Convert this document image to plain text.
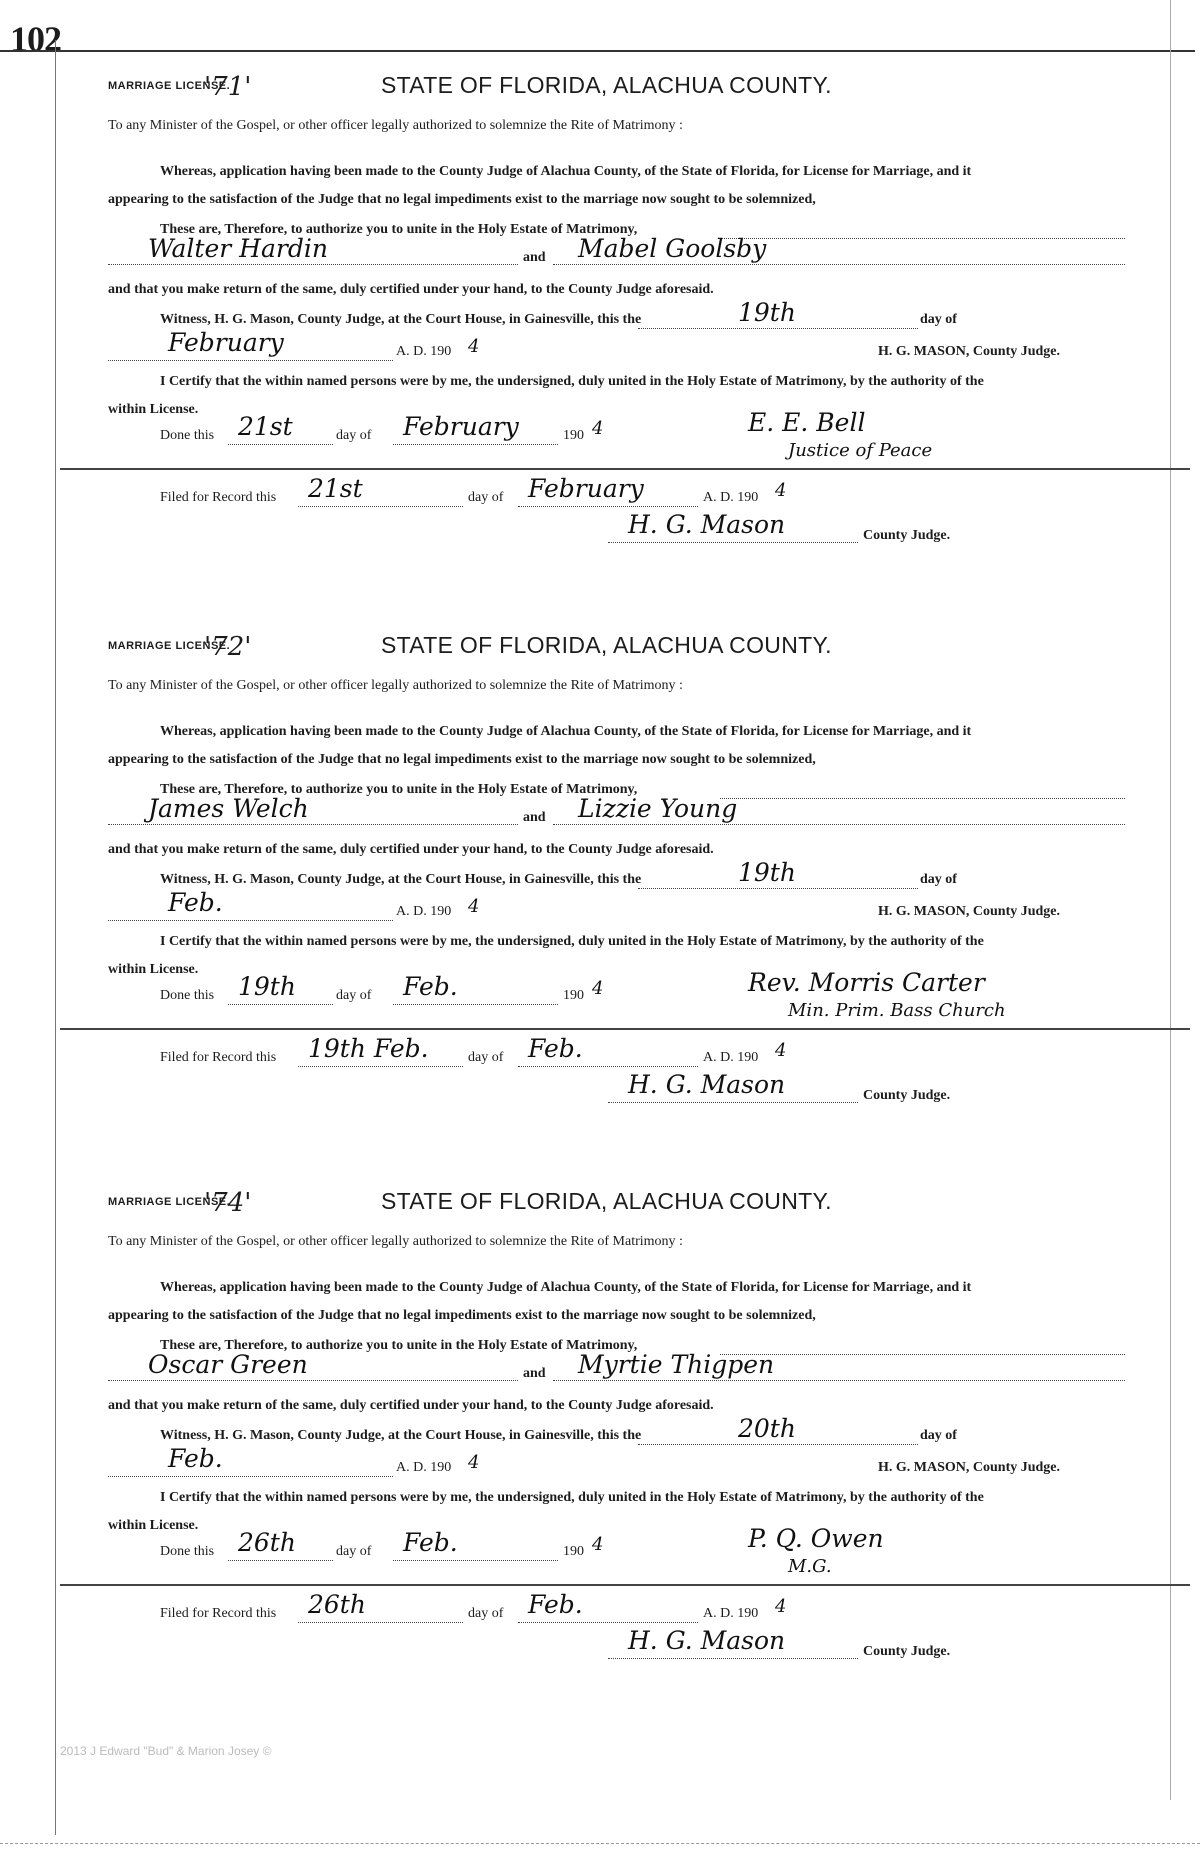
102
MARRIAGE LICENSE.
'71'	STATE OF FLORIDA, ALACHUA COUNTY.
To any Minister of the Gospel, or other officer legally authorized to solemnize the Rite of Matrimony :
Whereas, application having been made to the County Judge of Alachua County, of the State of Florida, for License for Marriage, and it
appearing to the satisfaction of the Judge that no legal impediments exist to the marriage now sought to be solemnized,
These are, Therefore, to authorize you to unite in the Holy Estate of Matrimony,
Walter Hardin	and Mabel Goolsby
and that you make return of the same, duly certified under your hand, to the County Judge aforesaid.
Witness, H. G. Mason, County Judge, at the Court House, in Gainesville, this the	19th	day of
February	A. D. 190 4	H. G. MASON, County Judge.
I Certify that the within named persons were by me, the undersigned, duly united in the Holy Estate of Matrimony, by the authority of the
within License.
Done this 21st	day of February	190 4	E. E. Bell
Justice of Peace
Filed for Record this 21st	day of February	A. D. 190 4
H. G. Mason	County Judge.
MARRIAGE LICENSE.
'72'	STATE OF FLORIDA, ALACHUA COUNTY.
To any Minister of the Gospel, or other officer legally authorized to solemnize the Rite of Matrimony :
Whereas, application having been made to the County Judge of Alachua County, of the State of Florida, for License for Marriage, and it
appearing to the satisfaction of the Judge that no legal impediments exist to the marriage now sought to be solemnized,
These are, Therefore, to authorize you to unite in the Holy Estate of Matrimony,
James Welch	and Lizzie Young
and that you make return of the same, duly certified under your hand, to the County Judge aforesaid.
Witness, H. G. Mason, County Judge, at the Court House, in Gainesville, this the	19th	day of
Feb.	A. D. 190 4	H. G. MASON, County Judge.
I Certify that the within named persons were by me, the undersigned, duly united in the Holy Estate of Matrimony, by the authority of the
within License.
Done this 19th	day of Feb.	190 4	Rev. Morris Carter
Min. Prim. Bass Church
Filed for Record this 19th Feb.	day of Feb.	A. D. 190 4
H. G. Mason	County Judge.
MARRIAGE LICENSE.
'74'	STATE OF FLORIDA, ALACHUA COUNTY.
To any Minister of the Gospel, or other officer legally authorized to solemnize the Rite of Matrimony :
Whereas, application having been made to the County Judge of Alachua County, of the State of Florida, for License for Marriage, and it
appearing to the satisfaction of the Judge that no legal impediments exist to the marriage now sought to be solemnized,
These are, Therefore, to authorize you to unite in the Holy Estate of Matrimony,
Oscar Green	and Myrtie Thigpen
and that you make return of the same, duly certified under your hand, to the County Judge aforesaid.
Witness, H. G. Mason, County Judge, at the Court House, in Gainesville, this the	20th	day of
Feb.	A. D. 190 4	H. G. MASON, County Judge.
I Certify that the within named persons were by me, the undersigned, duly united in the Holy Estate of Matrimony, by the authority of the
within License.
Done this 26th	day of Feb.	190 4	P. Q. Owen
M.G.
Filed for Record this 26th	day of Feb.	A. D. 190 4
H. G. Mason	County Judge.
2013 J Edward "Bud" & Marion Josey ©
